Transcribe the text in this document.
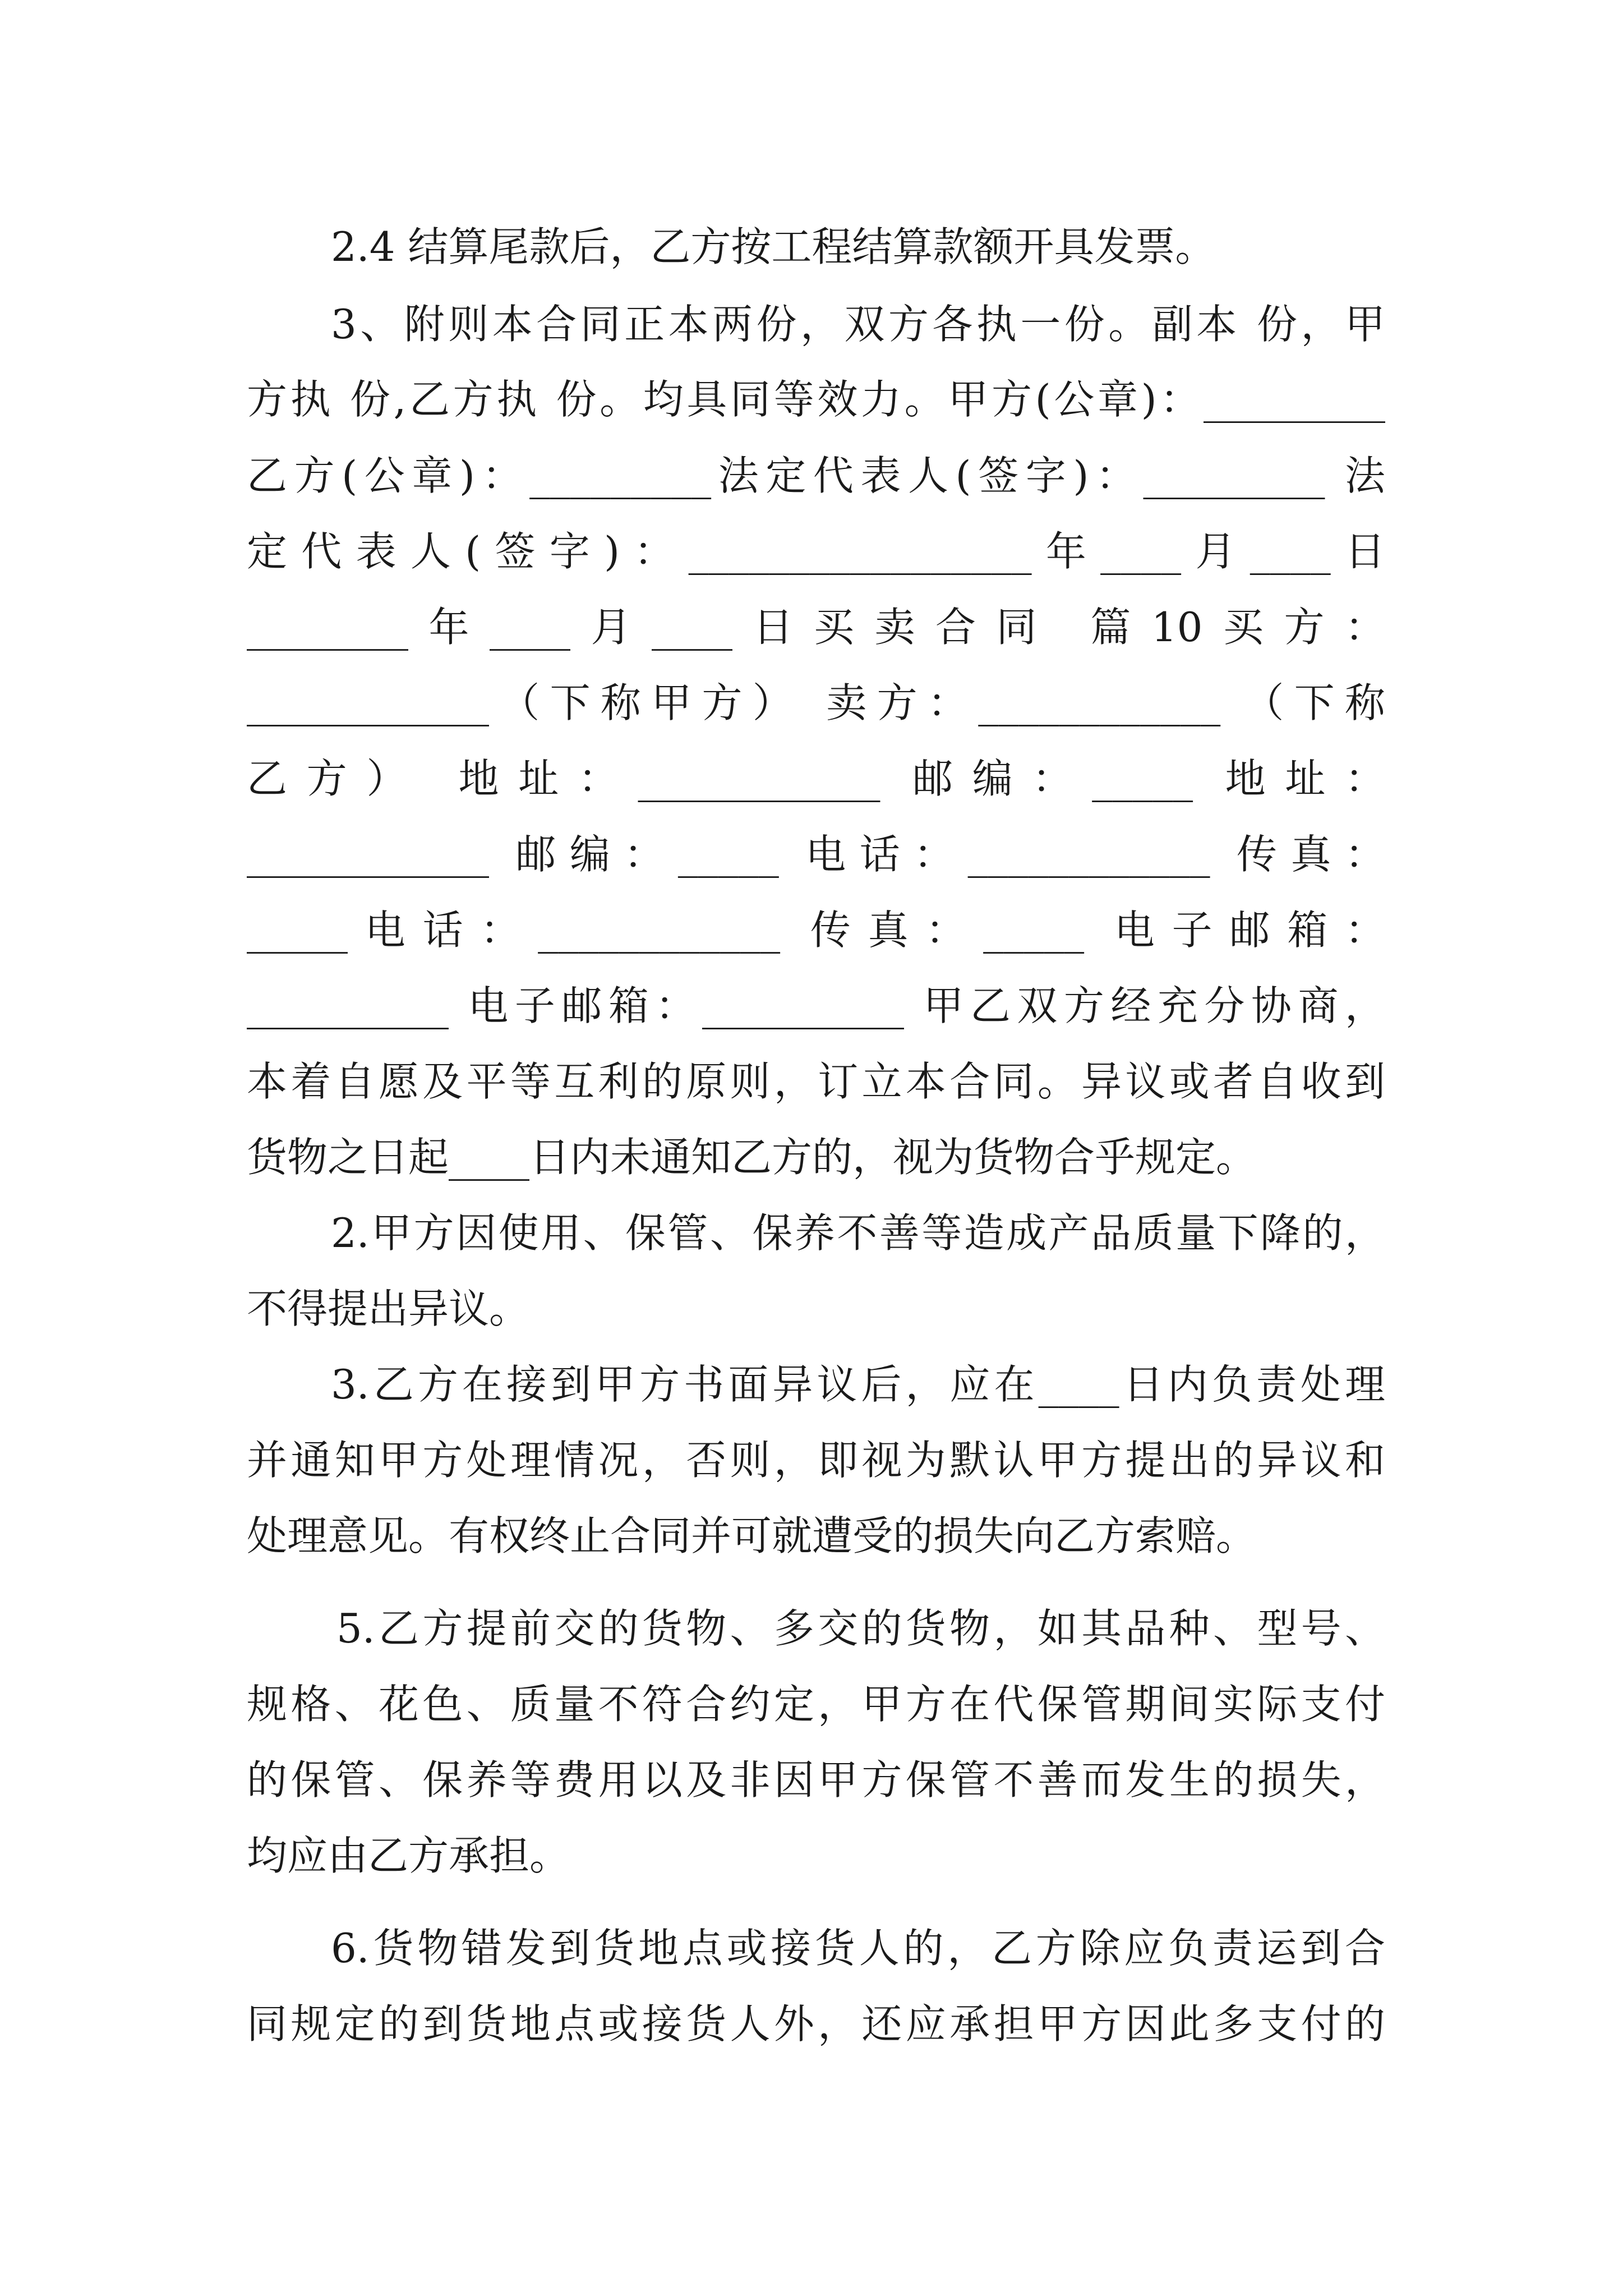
2.4 结算尾款后，乙方按工程结算款额开具发票。
3、附则本合同正本两份，双方各执一份。副本 份，甲
方执 份,乙方执 份。均具同等效力。甲方(公章)：_________
乙方(公章)：_________法定代表人(签字)：_________ 法
定代表人(签字)：_________________年____月____日
________年____月____日买卖合同 篇10买方：
____________（下称甲方） 卖方：____________ （下称
乙方） 地址：____________ 邮编：_____ 地址：
____________ 邮编：_____ 电话：____________ 传真：
_____电话：____________ 传真：_____ 电子邮箱：
__________ 电子邮箱：__________ 甲乙双方经充分协商，
本着自愿及平等互利的原则，订立本合同。异议或者自收到
货物之日起____日内未通知乙方的，视为货物合乎规定。
2.甲方因使用、保管、保养不善等造成产品质量下降的，
不得提出异议。
3.乙方在接到甲方书面异议后，应在____日内负责处理
并通知甲方处理情况，否则，即视为默认甲方提出的异议和
处理意见。有权终止合同并可就遭受的损失向乙方索赔。
5.乙方提前交的货物、多交的货物，如其品种、型号、
规格、花色、质量不符合约定，甲方在代保管期间实际支付
的保管、保养等费用以及非因甲方保管不善而发生的损失，
均应由乙方承担。
6.货物错发到货地点或接货人的，乙方除应负责运到合
同规定的到货地点或接货人外，还应承担甲方因此多支付的
